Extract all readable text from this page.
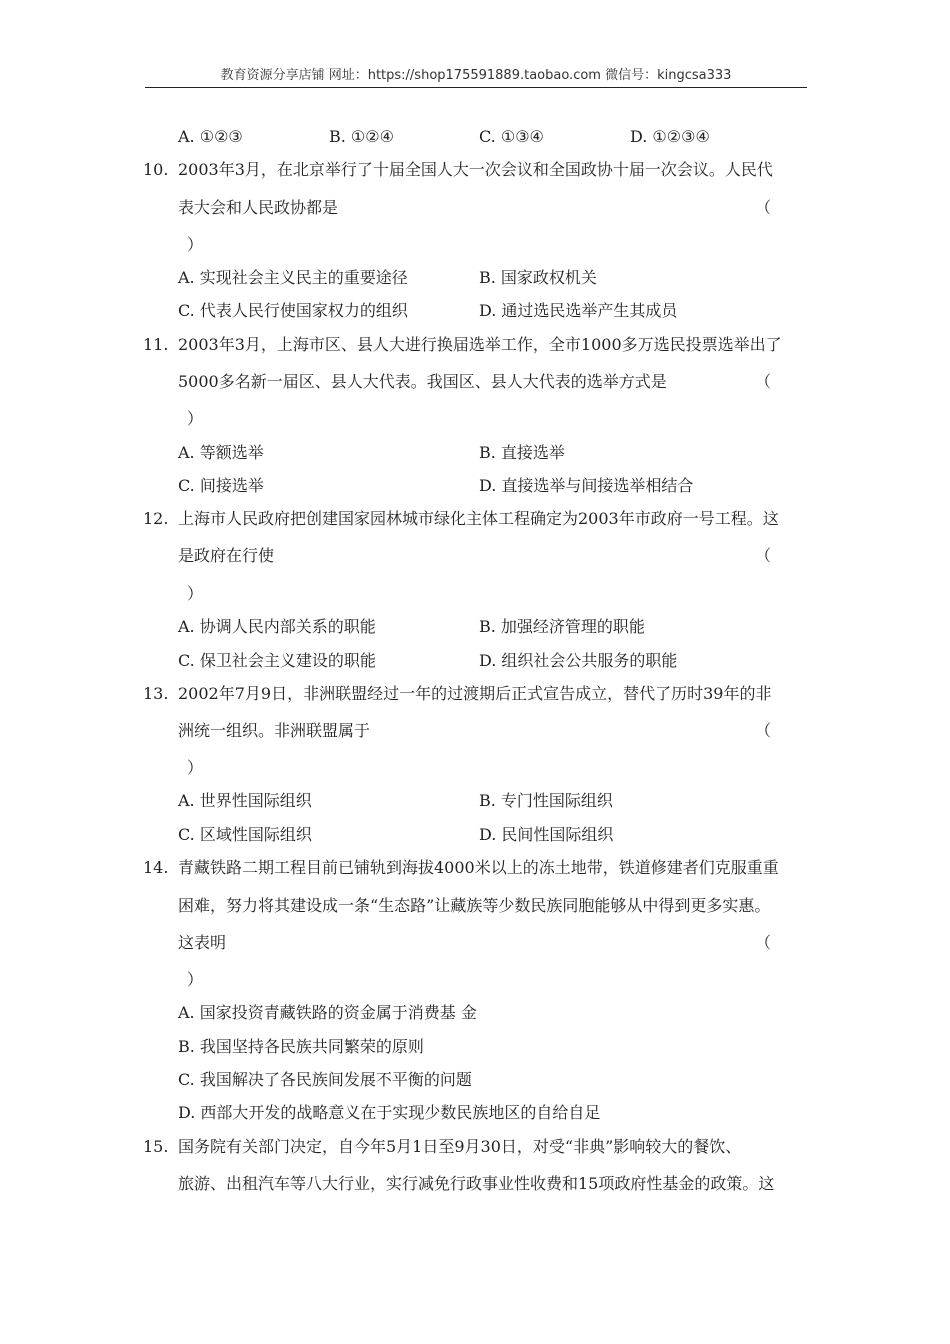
教育资源分享店铺 网址：https://shop175591889.taobao.com 微信号：kingcsa333
A. ①②③	B. ①②④	C. ①③④	D. ①②③④
10. 2003年3月，在北京举行了十届全国人大一次会议和全国政协十届一次会议。人民代
表大会和人民政协都是	（
）
A. 实现社会主义民主的重要途径	B. 国家政权机关
C. 代表人民行使国家权力的组织	D. 通过选民选举产生其成员
11. 2003年3月，上海市区、县人大进行换届选举工作，全市1000多万选民投票选举出了
5000多名新一届区、县人大代表。我国区、县人大代表的选举方式是	（
）
A. 等额选举	B. 直接选举
C. 间接选举	D. 直接选举与间接选举相结合
12. 上海市人民政府把创建国家园林城市绿化主体工程确定为2003年市政府一号工程。这
是政府在行使	（
）
A. 协调人民内部关系的职能	B. 加强经济管理的职能
C. 保卫社会主义建设的职能	D. 组织社会公共服务的职能
13. 2002年7月9日，非洲联盟经过一年的过渡期后正式宣告成立，替代了历时39年的非
洲统一组织。非洲联盟属于	（
）
A. 世界性国际组织	B. 专门性国际组织
C. 区域性国际组织	D. 民间性国际组织
14. 青藏铁路二期工程目前已铺轨到海拔4000米以上的冻土地带，铁道修建者们克服重重
困难，努力将其建设成一条“生态路”让藏族等少数民族同胞能够从中得到更多实惠。
这表明	（
）
A. 国家投资青藏铁路的资金属于消费基 金
B. 我国坚持各民族共同繁荣的原则
C. 我国解决了各民族间发展不平衡的问题
D. 西部大开发的战略意义在于实现少数民族地区的自给自足
15. 国务院有关部门决定，自今年5月1日至9月30日，对受“非典”影响较大的餐饮、
旅游、出租汽车等八大行业，实行减免行政事业性收费和15项政府性基金的政策。这
